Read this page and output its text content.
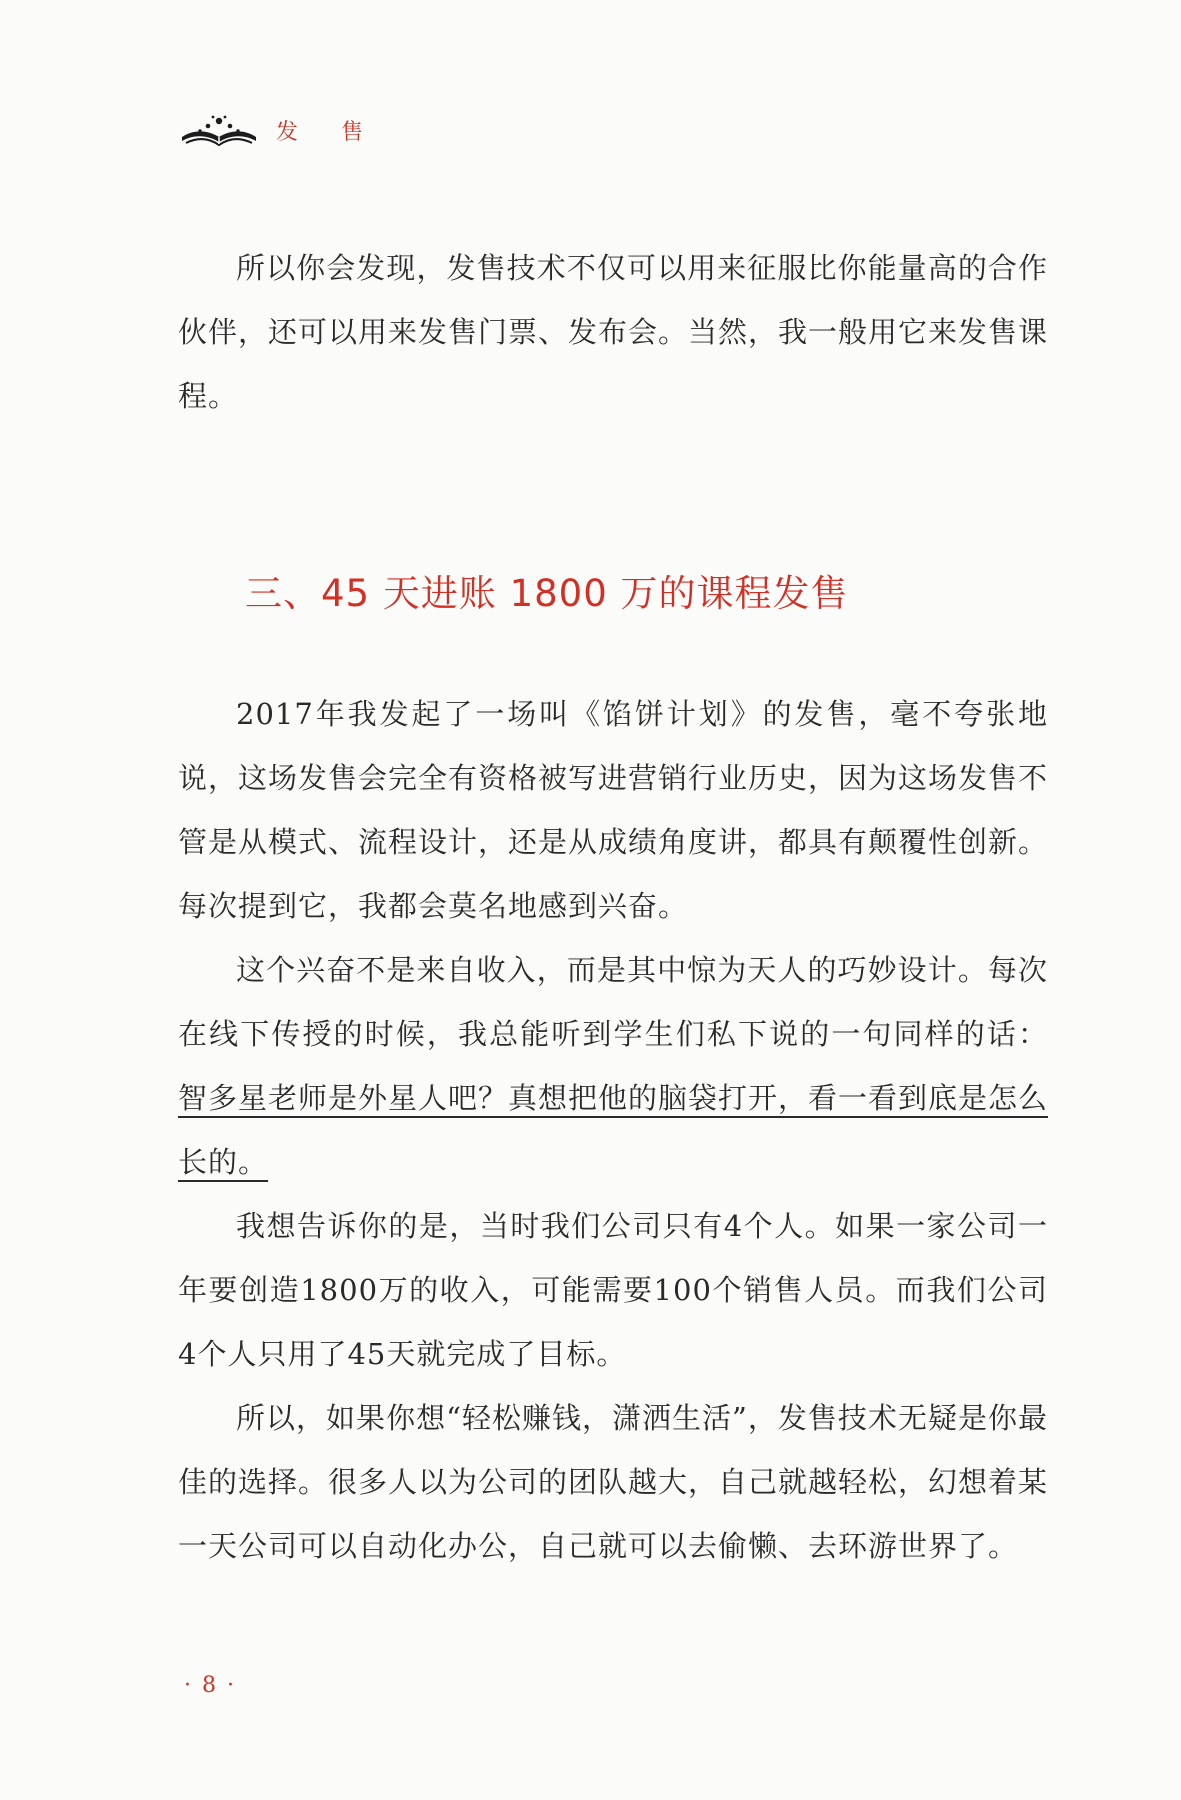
发 售

所以你会发现，发售技术不仅可以用来征服比你能量高的合作伙伴，还可以用来发售门票、发布会。当然，我一般用它来发售课程。

三、45 天进账 1800 万的课程发售

2017年我发起了一场叫《馅饼计划》的发售，毫不夸张地说，这场发售会完全有资格被写进营销行业历史，因为这场发售不管是从模式、流程设计，还是从成绩角度讲，都具有颠覆性创新。每次提到它，我都会莫名地感到兴奋。

这个兴奋不是来自收入，而是其中惊为天人的巧妙设计。每次在线下传授的时候，我总能听到学生们私下说的一句同样的话：智多星老师是外星人吧？真想把他的脑袋打开，看一看到底是怎么长的。

我想告诉你的是，当时我们公司只有4个人。如果一家公司一年要创造1800万的收入，可能需要100个销售人员。而我们公司4个人只用了45天就完成了目标。

所以，如果你想“轻松赚钱，潇洒生活”，发售技术无疑是你最佳的选择。很多人以为公司的团队越大，自己就越轻松，幻想着某一天公司可以自动化办公，自己就可以去偷懒、去环游世界了。

· 8 ·
